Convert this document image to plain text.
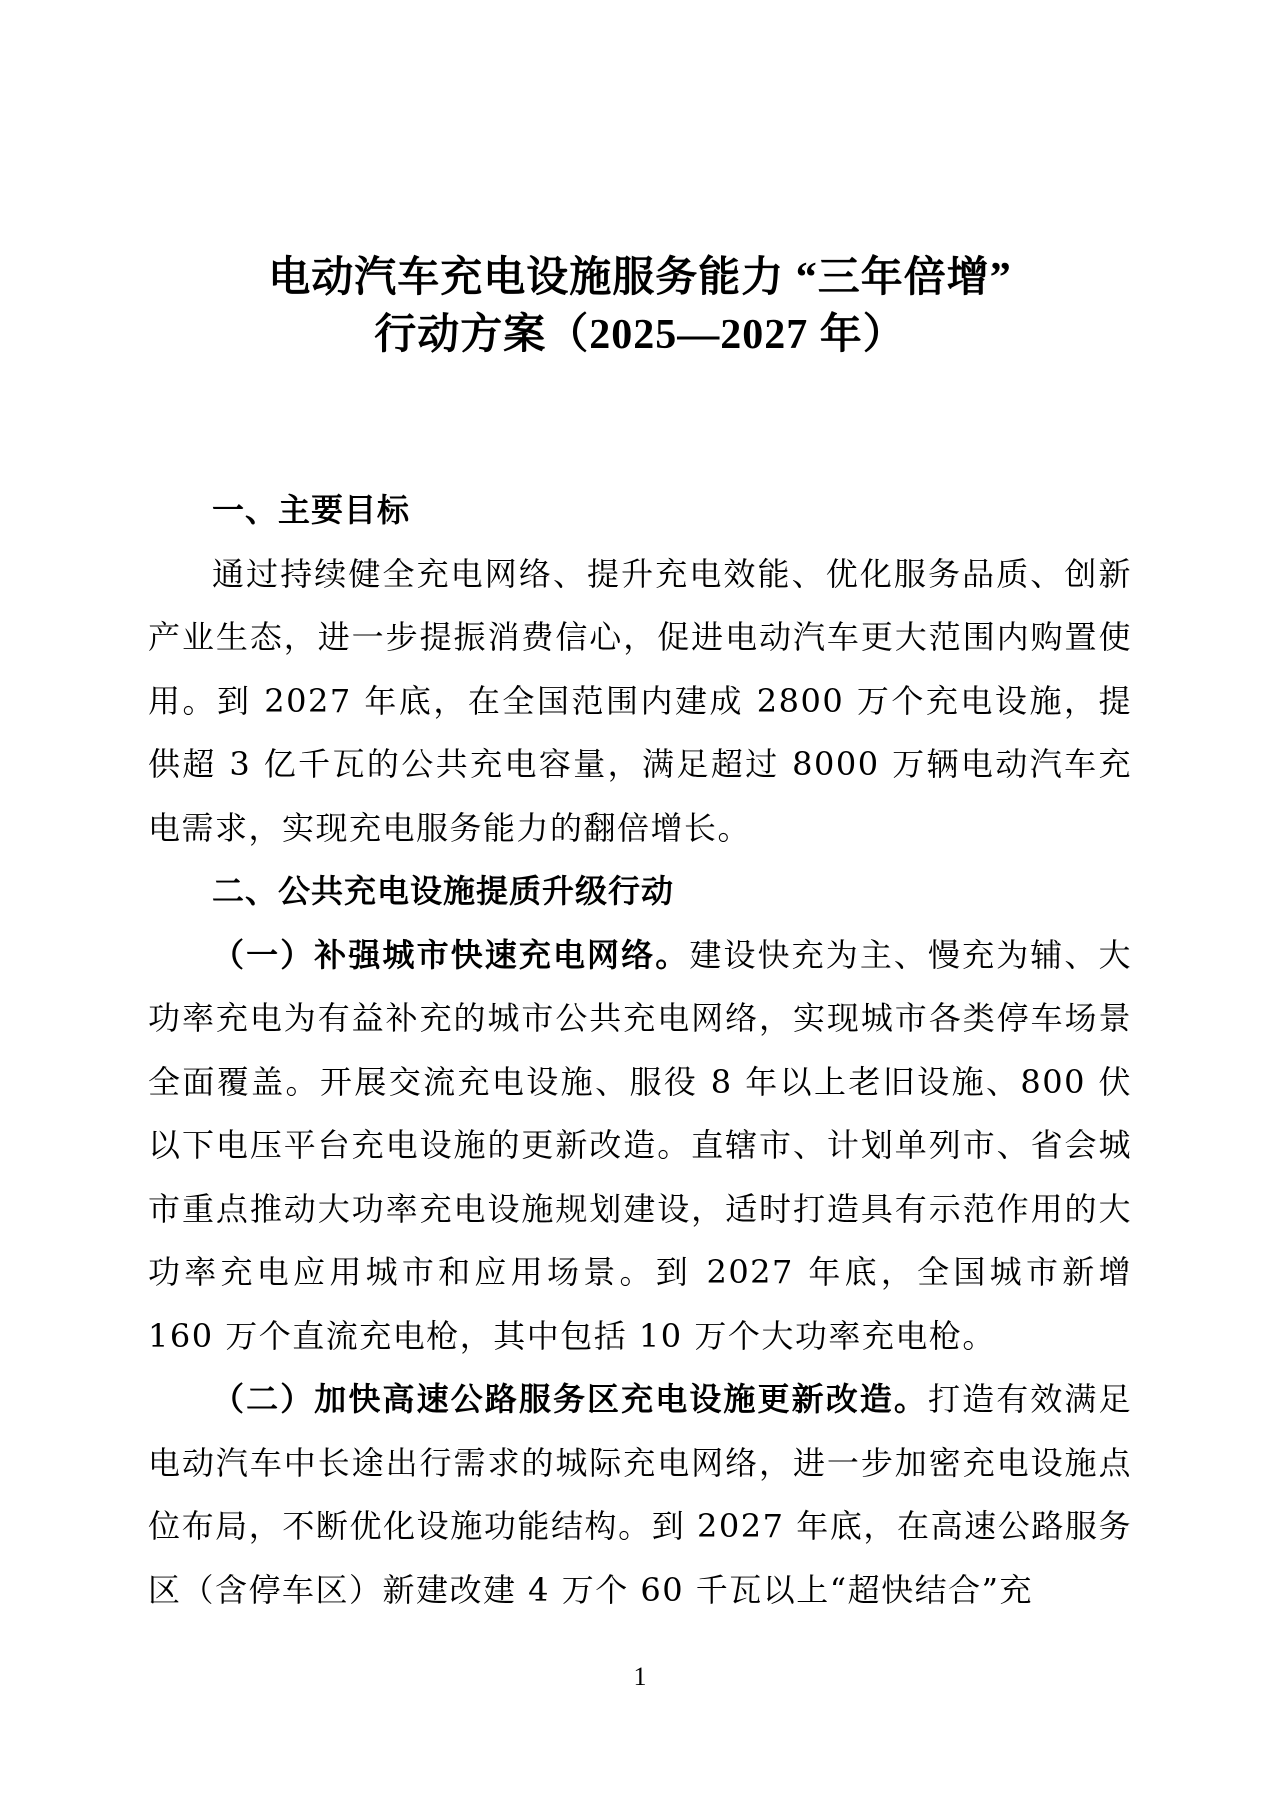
电动汽车充电设施服务能力 “三年倍增”
行动方案（2025—2027 年）
一、主要目标

通过持续健全充电网络、提升充电效能、优化服务品质、创新产业生态，进一步提振消费信心，促进电动汽车更大范围内购置使用。到 2027 年底，在全国范围内建成 2800 万个充电设施，提供超 3 亿千瓦的公共充电容量，满足超过 8000 万辆电动汽车充电需求，实现充电服务能力的翻倍增长。

二、公共充电设施提质升级行动

（一）补强城市快速充电网络。建设快充为主、慢充为辅、大功率充电为有益补充的城市公共充电网络，实现城市各类停车场景全面覆盖。开展交流充电设施、服役 8 年以上老旧设施、800 伏以下电压平台充电设施的更新改造。直辖市、计划单列市、省会城市重点推动大功率充电设施规划建设，适时打造具有示范作用的大功率充电应用城市和应用场景。到 2027 年底，全国城市新增 160 万个直流充电枪，其中包括 10 万个大功率充电枪。

（二）加快高速公路服务区充电设施更新改造。打造有效满足电动汽车中长途出行需求的城际充电网络，进一步加密充电设施点位布局，不断优化设施功能结构。到 2027 年底，在高速公路服务区（含停车区）新建改建 4 万个 60 千瓦以上“超快结合”充

1
